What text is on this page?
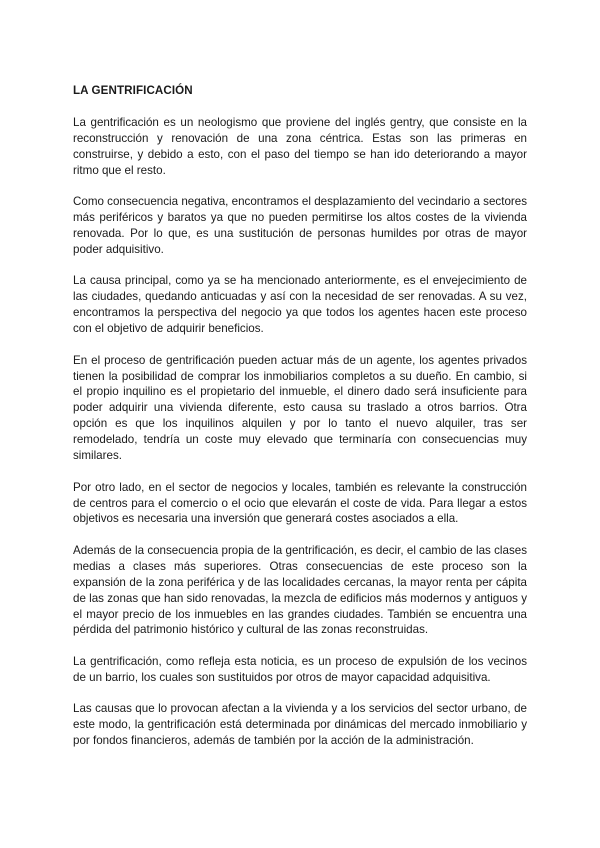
LA GENTRIFICACIÓN

La gentrificación es un neologismo que proviene del inglés gentry, que consiste en la reconstrucción y renovación de una zona céntrica. Estas son las primeras en construirse, y debido a esto, con el paso del tiempo se han ido deteriorando a mayor ritmo que el resto.

Como consecuencia negativa, encontramos el desplazamiento del vecindario a sectores más periféricos y baratos ya que no pueden permitirse los altos costes de la vivienda renovada. Por lo que, es una sustitución de personas humildes por otras de mayor poder adquisitivo.

La causa principal, como ya se ha mencionado anteriormente, es el envejecimiento de las ciudades, quedando anticuadas y así con la necesidad de ser renovadas. A su vez, encontramos la perspectiva del negocio ya que todos los agentes hacen este proceso con el objetivo de adquirir beneficios.

En el proceso de gentrificación pueden actuar más de un agente, los agentes privados tienen la posibilidad de comprar los inmobiliarios completos a su dueño. En cambio, si el propio inquilino es el propietario del inmueble, el dinero dado será insuficiente para poder adquirir una vivienda diferente, esto causa su traslado a otros barrios. Otra opción es que los inquilinos alquilen y por lo tanto el nuevo alquiler, tras ser remodelado, tendría un coste muy elevado que terminaría con consecuencias muy similares.

Por otro lado, en el sector de negocios y locales, también es relevante la construcción de centros para el comercio o el ocio que elevarán el coste de vida. Para llegar a estos objetivos es necesaria una inversión que generará costes asociados a ella.

Además de la consecuencia propia de la gentrificación, es decir, el cambio de las clases medias a clases más superiores. Otras consecuencias de este proceso son la expansión de la zona periférica y de las localidades cercanas, la mayor renta per cápita de las zonas que han sido renovadas, la mezcla de edificios más modernos y antiguos y el mayor precio de los inmuebles en las grandes ciudades. También se encuentra una pérdida del patrimonio histórico y cultural de las zonas reconstruidas.

La gentrificación, como refleja esta noticia, es un proceso de expulsión de los vecinos de un barrio, los cuales son sustituidos por otros de mayor capacidad adquisitiva.

Las causas que lo provocan afectan a la vivienda y a los servicios del sector urbano, de este modo, la gentrificación está determinada por dinámicas del mercado inmobiliario y por fondos financieros, además de también por la acción de la administración.
